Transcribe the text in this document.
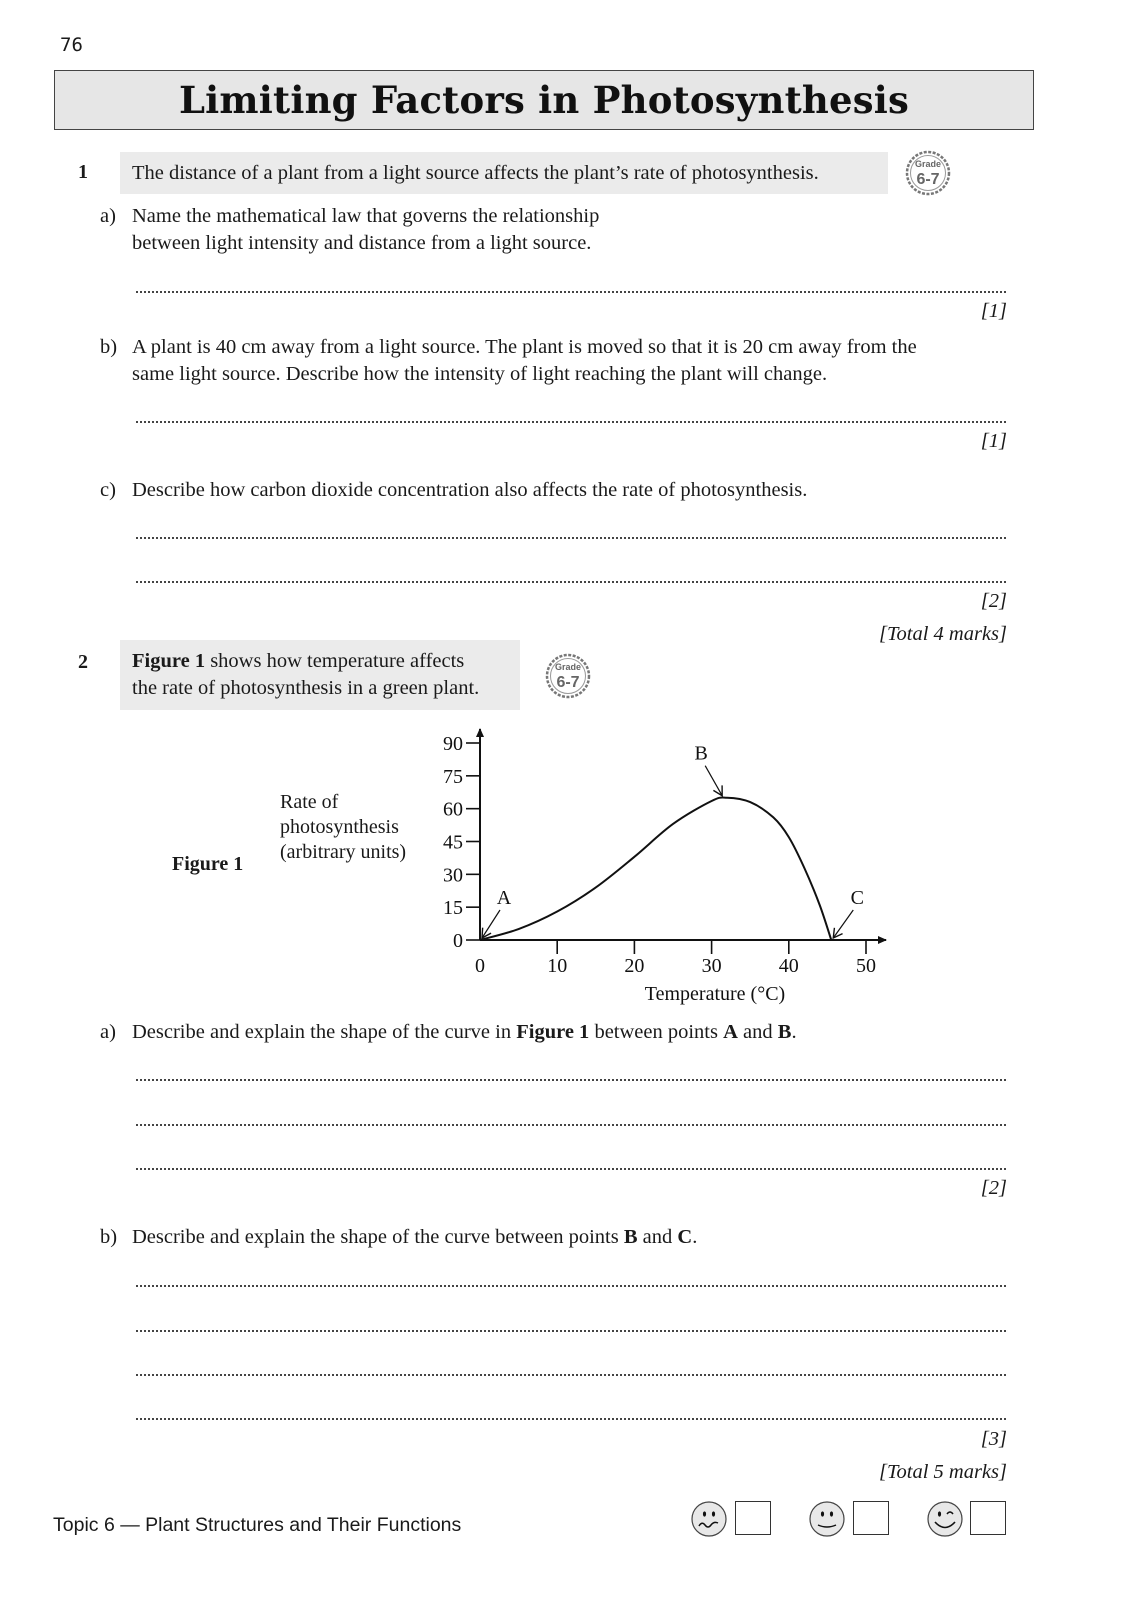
76
Limiting Factors in Photosynthesis
1 The distance of a plant from a light source affects the plant’s rate of photosynthesis.	Grade
6-7
a) Name the mathematical law that governs the relationship
between light intensity and distance from a light source.
[1]
b) A plant is 40 cm away from a light source. The plant is moved so that it is 20 cm away from the
same light source. Describe how the intensity of light reaching the plant will change.
[1]
c) Describe how carbon dioxide concentration also affects the rate of photosynthesis.
[2]
[Total 4 marks]
2 Figure 1 shows how temperature affects
the rate of photosynthesis in a green plant.
Grade
6-7
Figure 1
Rate of
photosynthesis
(arbitrary units)
0
15
30
45
60
75
90
0	10	20	30	40	50
A
B
C
Temperature (°C)
a) Describe and explain the shape of the curve in Figure 1 between points A and B.
[2]
b) Describe and explain the shape of the curve between points B and C.
[3]
[Total 5 marks]
Topic 6 — Plant Structures and Their Functions
